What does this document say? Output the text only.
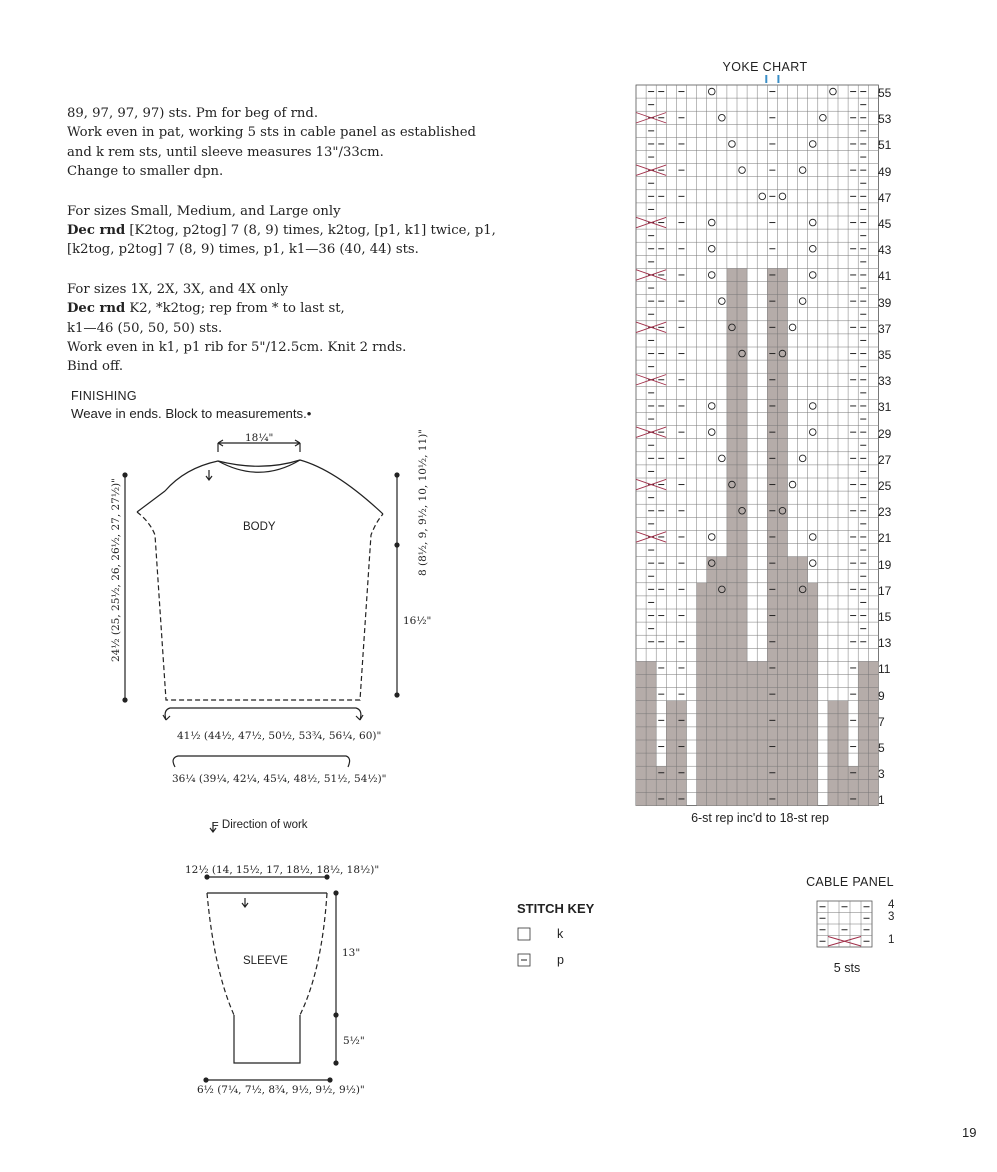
89, 97, 97, 97) sts. Pm for beg of rnd.

Work even in pat, working 5 sts in cable panel as established

and k rem sts, until sleeve measures 13"/33cm.

Change to smaller dpn.

For sizes Small, Medium, and Large only

Dec rnd [K2tog, p2tog] 7 (8, 9) times, k2tog, [p1, k1] twice, p1,

[k2tog, p2tog] 7 (8, 9) times, p1, k1—36 (40, 44) sts.

For sizes 1X, 2X, 3X, and 4X only

Dec rnd K2, *k2tog; rep from * to last st,

k1—46 (50, 50, 50) sts.

Work even in k1, p1 rib for 5"/12.5cm. Knit 2 rnds.

Bind off.

FINISHING
Weave in ends. Block to measurements.•
BODY
18¼"
24½ (25, 25½, 26, 26½, 27, 27½)"	8 (8½, 9, 9½, 10, 10½, 11)"
16½"
41½ (44½, 47½, 50½, 53¾, 56¼, 60)"
36¼ (39¼, 42¼, 45¼, 48½, 51½, 54½)"
= Direction of work
SLEEVE
12½ (14, 15½, 17, 18½, 18½, 18½)"
13"
5½"
6½ (7¼, 7½, 8¾, 9½, 9½, 9½)"
YOKE CHART
55
53
51
49
47
45
43
41
39
37
35
33
31
29
27
25
23
21
19
17
15
13
11
9
7
5
3
1
6-st rep inc'd to 18-st rep
CABLE PANEL
4
3
1
5 sts
STITCH KEY
k
p
19
